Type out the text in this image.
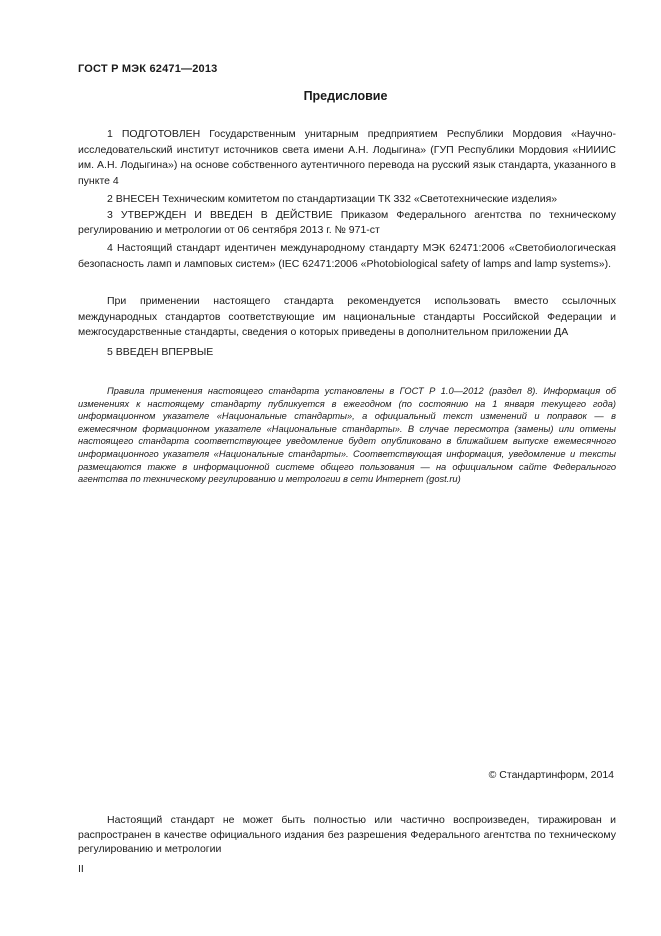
ГОСТ Р МЭК 62471—2013
Предисловие

1 ПОДГОТОВЛЕН Государственным унитарным предприятием Республики Мордовия «Научно-исследовательский институт источников света имени А.Н. Лодыгина» (ГУП Республики Мордовия «НИИИС им. А.Н. Лодыгина») на основе собственного аутентичного перевода на русский язык стандарта, указанного в пункте 4

2 ВНЕСЕН Техническим комитетом по стандартизации ТК 332 «Светотехнические изделия»

3 УТВЕРЖДЕН И ВВЕДЕН В ДЕЙСТВИЕ Приказом Федерального агентства по техническому регулированию и метрологии от 06 сентября 2013 г. № 971-ст

4 Настоящий стандарт идентичен международному стандарту МЭК 62471:2006 «Светобиологическая безопасность ламп и ламповых систем» (IEC 62471:2006 «Photobiological safety of lamps and lamp systems»).

При применении настоящего стандарта рекомендуется использовать вместо ссылочных международных стандартов соответствующие им национальные стандарты Российской Федерации и межгосударственные стандарты, сведения о которых приведены в дополнительном приложении ДА

5 ВВЕДЕН ВПЕРВЫЕ

Правила применения настоящего стандарта установлены в ГОСТ Р 1.0—2012 (раздел 8). Информация об изменениях к настоящему стандарту публикуется в ежегодном (по состоянию на 1 января текущего года) информационном указателе «Национальные стандарты», а официальный текст изменений и поправок — в ежемесячном формационном указателе «Национальные стандарты». В случае пересмотра (замены) или отмены настоящего стандарта соответствующее уведомление будет опубликовано в ближайшем выпуске ежемесячного информационного указателя «Национальные стандарты». Соответствующая информация, уведомление и тексты размещаются также в информационной системе общего пользования — на официальном сайте Федерального агентства по техническому регулированию и метрологии в сети Интернет (gost.ru)
© Стандартинформ, 2014
Настоящий стандарт не может быть полностью или частично воспроизведен, тиражирован и распространен в качестве официального издания без разрешения Федерального агентства по техническому регулированию и метрологии
II
